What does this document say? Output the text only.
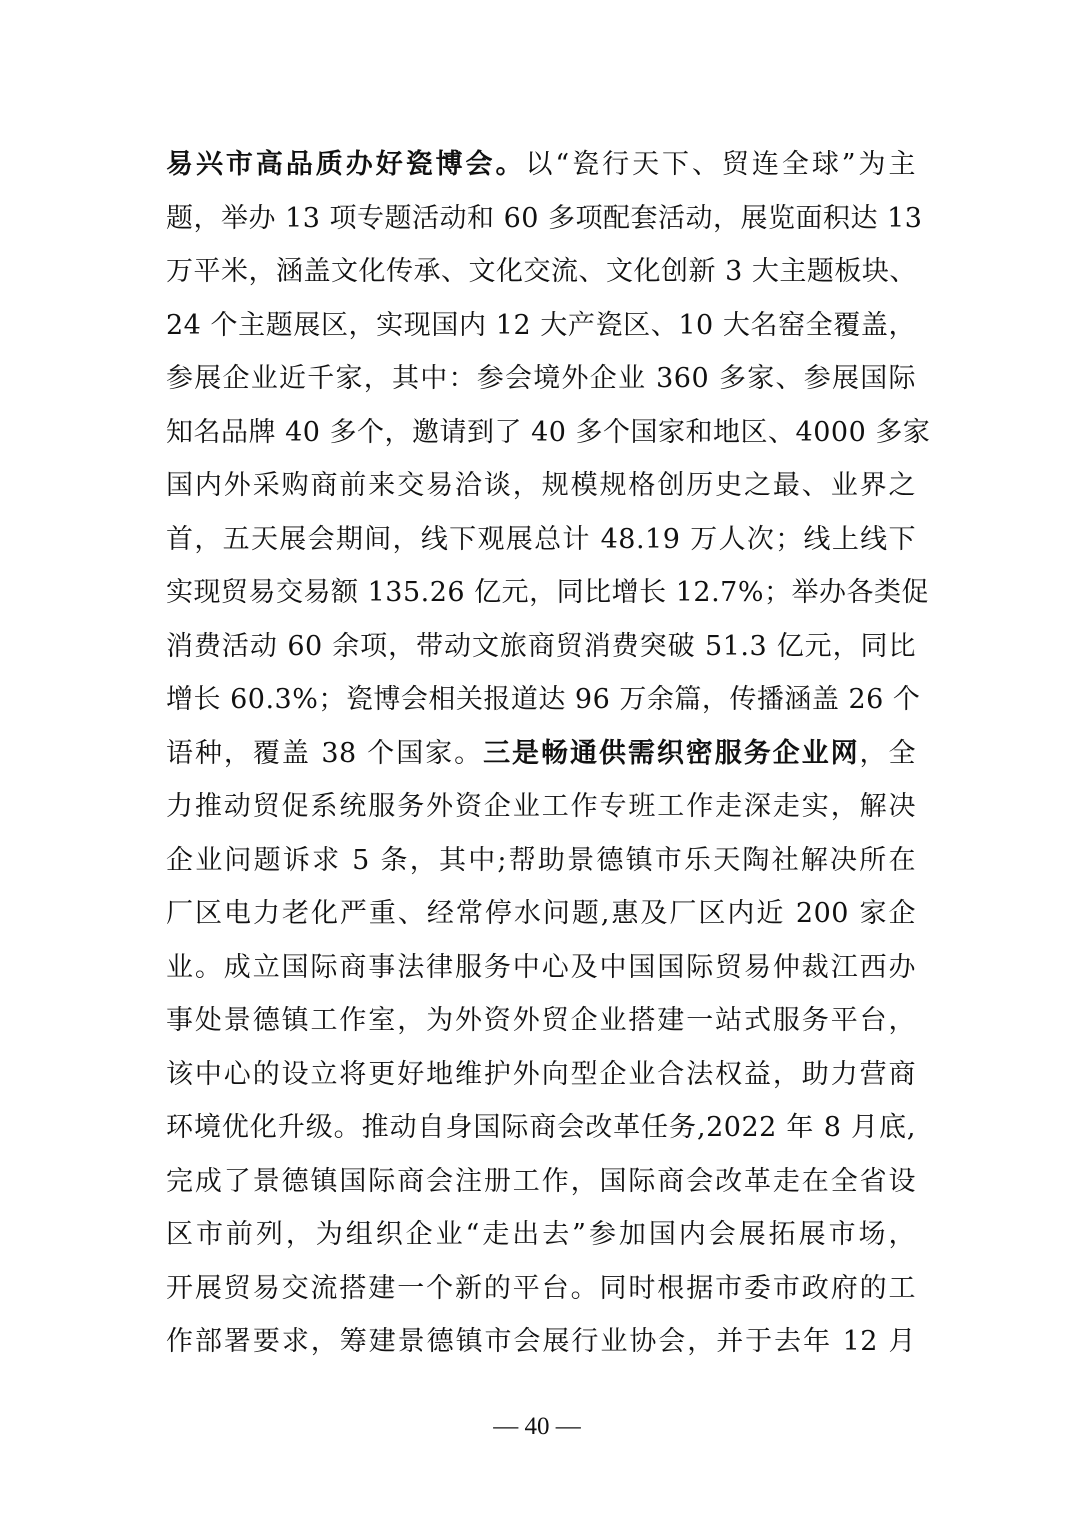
易兴市高品质办好瓷博会。以“瓷行天下、贸连全球”为主
题，举办 13 项专题活动和 60 多项配套活动，展览面积达 13
万平米，涵盖文化传承、文化交流、文化创新 3 大主题板块、
24 个主题展区，实现国内 12 大产瓷区、10 大名窑全覆盖，
参展企业近千家，其中：参会境外企业 360 多家、参展国际
知名品牌 40 多个，邀请到了 40 多个国家和地区、4000 多家
国内外采购商前来交易洽谈，规模规格创历史之最、业界之
首，五天展会期间，线下观展总计 48.19 万人次；线上线下
实现贸易交易额 135.26 亿元，同比增长 12.7%；举办各类促
消费活动 60 余项，带动文旅商贸消费突破 51.3 亿元，同比
增长 60.3%；瓷博会相关报道达 96 万余篇，传播涵盖 26 个
语种，覆盖 38 个国家。三是畅通供需织密服务企业网，全
力推动贸促系统服务外资企业工作专班工作走深走实，解决
企业问题诉求 5 条，其中;帮助景德镇市乐天陶社解决所在
厂区电力老化严重、经常停水问题,惠及厂区内近 200 家企
业。成立国际商事法律服务中心及中国国际贸易仲裁江西办
事处景德镇工作室，为外资外贸企业搭建一站式服务平台，
该中心的设立将更好地维护外向型企业合法权益，助力营商
环境优化升级。推动自身国际商会改革任务,2022 年 8 月底,
完成了景德镇国际商会注册工作，国际商会改革走在全省设
区市前列，为组织企业“走出去”参加国内会展拓展市场，
开展贸易交流搭建一个新的平台。同时根据市委市政府的工
作部署要求，筹建景德镇市会展行业协会，并于去年 12 月
— 40 —
